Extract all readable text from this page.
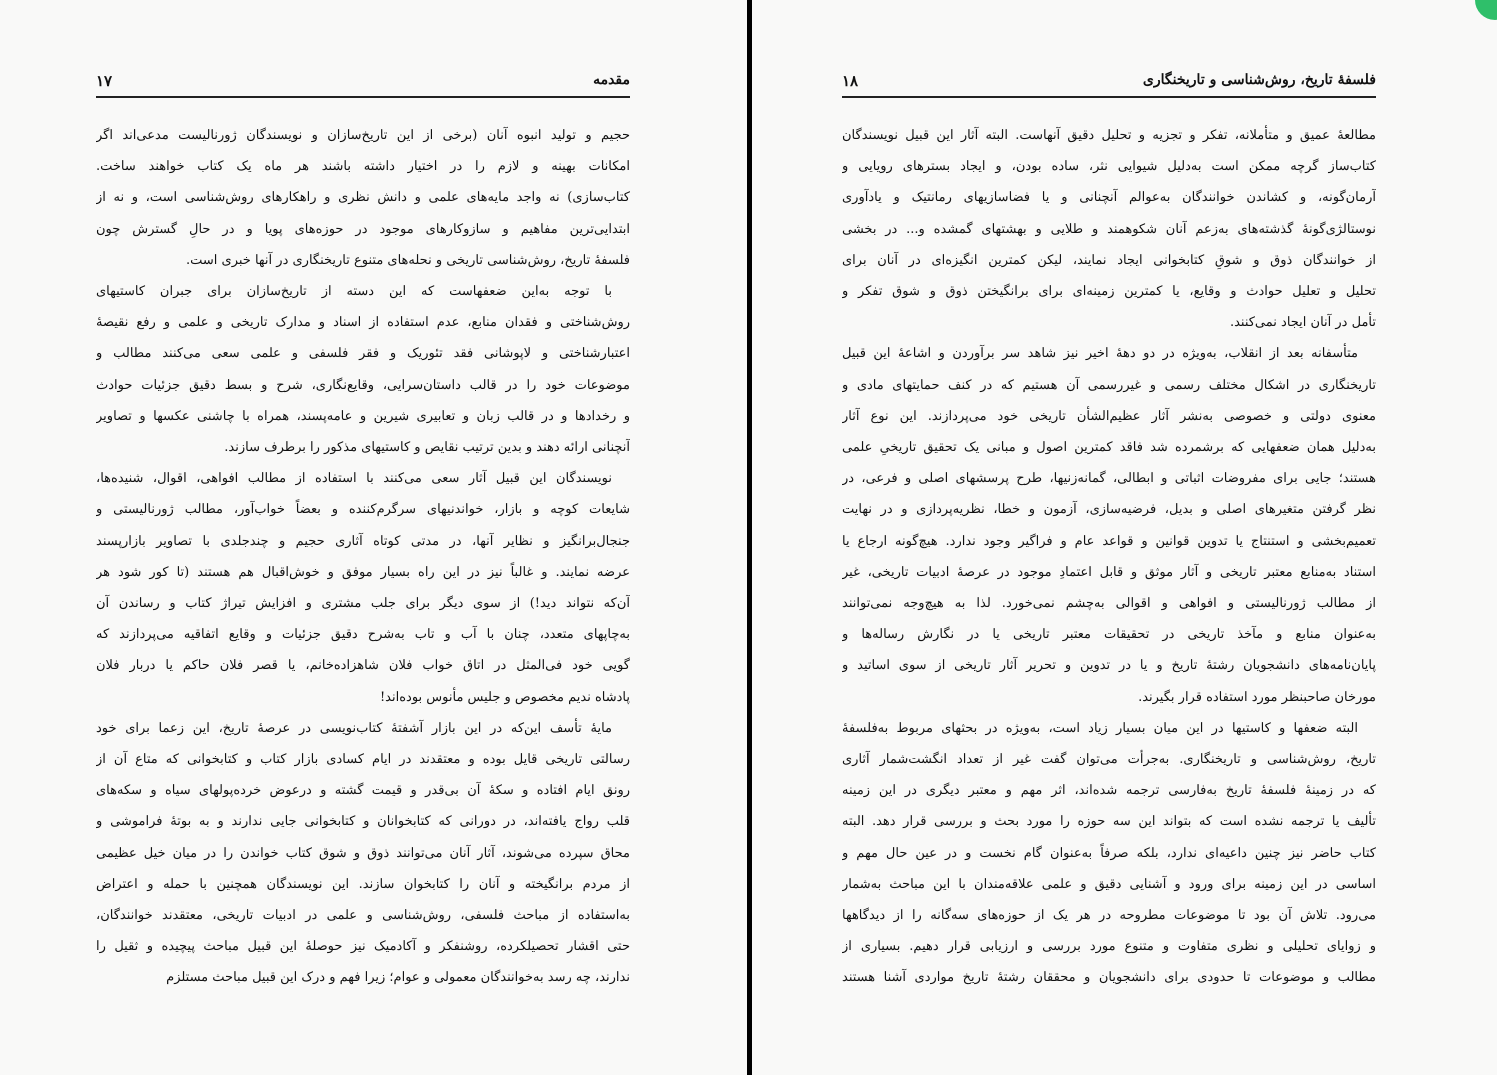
مقدمه
۱۷
حجیم و تولید انبوه آنان (برخی از این تاریخ‌سازان و نویسندگان ژورنالیست مدعی‌اند اگر
امکانات بهینه و لازم را در اختیار داشته باشند هر ماه یک کتاب خواهند ساخت.
کتاب‌سازی) نه واجد مایه‌های علمی و دانش نظری و راهکارهای روش‌شناسی است، و نه از
ابتدایی‌ترین مفاهیم و سازوکارهای موجود در حوزه‌های پویا و در حالِ گسترش چون
فلسفهٔ تاریخ، روش‌شناسی تاریخی و نحله‌های متنوع تاریخنگاری در آنها خبری است.
با توجه به‌این ضعفهاست که این دسته از تاریخ‌سازان برای جبران کاستیهای
روش‌شناختی و فقدان منابع، عدم استفاده از اسناد و مدارک تاریخی و علمی و رفع نقیصهٔ
اعتبارشناختی و لاپوشانی فقد تئوریک و فقر فلسفی و علمی سعی می‌کنند مطالب و
موضوعات خود را در قالب داستان‌سرایی، وقایع‌نگاری، شرح و بسط دقیق جزئیات حوادث
و رخدادها و در قالب زبان و تعابیری شیرین و عامه‌پسند، همراه با چاشنی عکسها و تصاویر
آنچنانی ارائه دهند و بدین ترتیب نقایص و کاستیهای مذکور را برطرف سازند.
نویسندگان این قبیل آثار سعی می‌کنند با استفاده از مطالب افواهی، اقوال، شنیده‌ها،
شایعات کوچه و بازار، خواندنیهای سرگرم‌کننده و بعضاً خواب‌آور، مطالب ژورنالیستی و
جنجال‌برانگیز و نظایر آنها، در مدتی کوتاه آثاری حجیم و چندجلدی با تصاویر بازارپسند
عرضه نمایند. و غالباً نیز در این راه بسیار موفق و خوش‌اقبال هم هستند (تا کور شود هر
آن‌که نتواند دید!) از سوی دیگر برای جلب مشتری و افزایش تیراژ کتاب و رساندن آن
به‌چاپهای متعدد، چنان با آب و تاب به‌شرح دقیق جزئیات و وقایع اتفاقیه می‌پردازند که
گویی خود فی‌المثل در اتاق خواب فلان شاهزاده‌خانم، یا قصر فلان حاکم یا دربار فلان
پادشاه ندیم مخصوص و جلیس مأنوس بوده‌اند!
مایهٔ تأسف این‌که در این بازار آشفتهٔ کتاب‌نویسی در عرصهٔ تاریخ، این زعما برای خود
رسالتی تاریخی قایل بوده و معتقدند در ایام کسادی بازار کتاب و کتابخوانی که متاع آن از
رونق ایام افتاده و سکهٔ آن بی‌قدر و قیمت گشته و درعوض خرده‌پولهای سیاه و سکه‌های
قلب رواج یافته‌اند، در دورانی که کتابخوانان و کتابخوانی جایی ندارند و به بوتهٔ فراموشی و
محاق سپرده می‌شوند، آثار آنان می‌توانند ذوق و شوق کتاب خواندن را در میان خیل عظیمی
از مردم برانگیخته و آنان را کتابخوان سازند. این نویسندگان همچنین با حمله و اعتراض
به‌استفاده از مباحث فلسفی، روش‌شناسی و علمی در ادبیات تاریخی، معتقدند خوانندگان،
حتی اقشار تحصیلکرده، روشنفکر و آکادمیک نیز حوصلهٔ این قبیل مباحث پیچیده و ثقیل را
ندارند، چه رسد به‌خوانندگان معمولی و عوام؛ زیرا فهم و درک این قبیل مباحث مستلزم
فلسفهٔ تاریخ، روش‌شناسی و تاریخنگاری
۱۸
مطالعهٔ عمیق و متأملانه، تفکر و تجزیه و تحلیل دقیق آنهاست. البته آثار این قبیل نویسندگان
کتاب‌ساز گرچه ممکن است به‌دلیل شیوایی نثر، ساده بودن، و ایجاد بسترهای رویایی و
آرمان‌گونه، و کشاندن خوانندگان به‌عوالم آنچنانی و یا فضاسازیهای رمانتیک و یادآوری
نوستالژی‌گونهٔ گذشته‌های به‌زعم آنان شکوهمند و طلایی و بهشتهای گمشده و... در بخشی
از خوانندگان ذوق و شوقِ کتابخوانی ایجاد نمایند، لیکن کمترین انگیزه‌ای در آنان برای
تحلیل و تعلیل حوادث و وقایع، یا کمترین زمینه‌ای برای برانگیختن ذوق و شوق تفکر و
تأمل در آنان ایجاد نمی‌کنند.
متأسفانه بعد از انقلاب، به‌ویژه در دو دههٔ اخیر نیز شاهد سر برآوردن و اشاعهٔ این قبیل
تاریخنگاری در اشکال مختلف رسمی و غیررسمی آن هستیم که در کنف حمایتهای مادی و
معنوی دولتی و خصوصی به‌نشر آثار عظیم‌الشأن تاریخی خود می‌پردازند. این نوع آثار
به‌دلیل همان ضعفهایی که برشمرده شد فاقد کمترین اصول و مبانی یک تحقیق تاریخیِ علمی
هستند؛ جایی برای مفروضات اثباتی و ابطالی، گمانه‌زنیها، طرح پرسشهای اصلی و فرعی، در
نظر گرفتن متغیرهای اصلی و بدیل، فرضیه‌سازی، آزمون و خطا، نظریه‌پردازی و در نهایت
تعمیم‌بخشی و استنتاج یا تدوین قوانین و قواعد عام و فراگیر وجود ندارد. هیچ‌گونه ارجاع یا
استناد به‌منابع معتبر تاریخی و آثار موثق و قابل اعتمادِ موجود در عرصهٔ ادبیات تاریخی، غیر
از مطالب ژورنالیستی و افواهی و اقوالی به‌چشم نمی‌خورد. لذا به هیچ‌وجه نمی‌توانند
به‌عنوان منابع و مآخذ تاریخی در تحقیقات معتبر تاریخی یا در نگارش رساله‌ها و
پایان‌نامه‌های دانشجویان رشتهٔ تاریخ و یا در تدوین و تحریر آثار تاریخی از سوی اساتید و
مورخان صاحبنظر مورد استفاده قرار بگیرند.
البته ضعفها و کاستیها در این میان بسیار زیاد است، به‌ویژه در بحثهای مربوط به‌فلسفهٔ
تاریخ، روش‌شناسی و تاریخنگاری. به‌جرأت می‌توان گفت غیر از تعداد انگشت‌شمار آثاری
که در زمینهٔ فلسفهٔ تاریخ به‌فارسی ترجمه شده‌اند، اثر مهم و معتبر دیگری در این زمینه
تألیف یا ترجمه نشده است که بتواند این سه حوزه را مورد بحث و بررسی قرار دهد. البته
کتاب حاضر نیز چنین داعیه‌ای ندارد، بلکه صرفاً به‌عنوان گام نخست و در عین حال مهم و
اساسی در این زمینه برای ورود و آشنایی دقیق و علمی علاقه‌مندان با این مباحث به‌شمار
می‌رود. تلاش آن بود تا موضوعات مطروحه در هر یک از حوزه‌های سه‌گانه را از دیدگاهها
و زوایای تحلیلی و نظری متفاوت و متنوع مورد بررسی و ارزیابی قرار دهیم. بسیاری از
مطالب و موضوعات تا حدودی برای دانشجویان و محققان رشتهٔ تاریخ مواردی آشنا هستند
